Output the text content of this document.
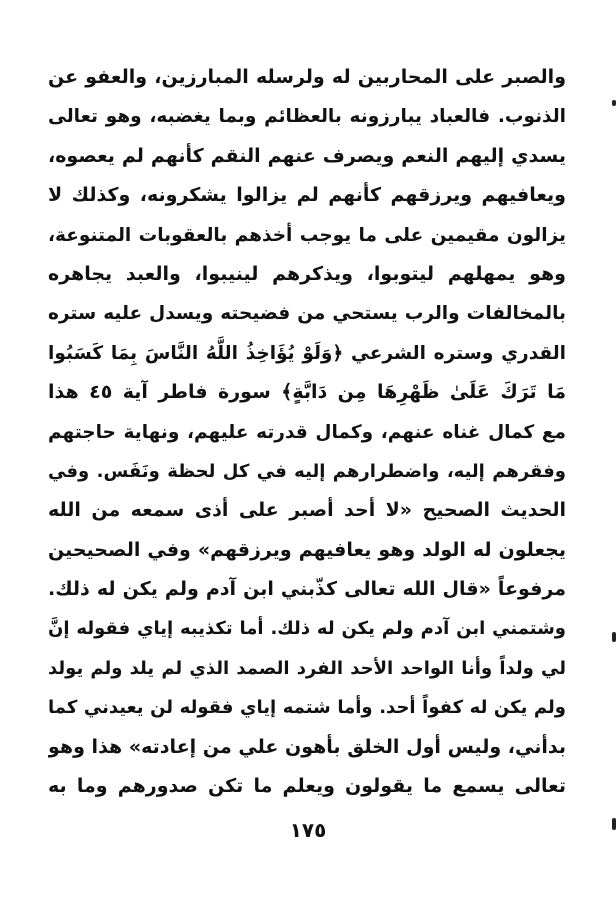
والصبر على المحاربين له ولرسله المبارزين، والعفو عن
الذنوب. فالعباد يبارزونه بالعظائم وبما يغضبه، وهو تعالى
يسدي إليهم النعم ويصرف عنهم النقم كأنهم لم يعصوه،
ويعافيهم ويرزقهم كأنهم لم يزالوا يشكرونه، وكذلك لا
يزالون مقيمين على ما يوجب أخذهم بالعقوبات المتنوعة،
وهو يمهلهم ليتوبوا، ويذكرهم لينيبوا، والعبد يجاهره
بالمخالفات والرب يستحي من فضيحته ويسدل عليه ستره
القدري وستره الشرعي ﴿وَلَوْ يُؤَاخِذُ اللَّهُ النَّاسَ بِمَا كَسَبُوا
مَا تَرَكَ عَلَىٰ ظَهْرِهَا مِن دَابَّةٍ﴾ سورة فاطر آية ٤٥ هذا
مع كمال غناه عنهم، وكمال قدرته عليهم، ونهاية حاجتهم
وفقرهم إليه، واضطرارهم إليه في كل لحظة ونَفَس. وفي
الحديث الصحيح «لا أحد أصبر على أذى سمعه من الله
يجعلون له الولد وهو يعافيهم ويرزقهم» وفي الصحيحين
مرفوعاً «قال الله تعالى كذّبني ابن آدم ولم يكن له ذلك.
وشتمني ابن آدم ولم يكن له ذلك. أما تكذيبه إياي فقوله إنَّ
لي ولداً وأنا الواحد الأحد الفرد الصمد الذي لم يلد ولم يولد
ولم يكن له كفواً أحد. وأما شتمه إياي فقوله لن يعيدني كما
بدأني، وليس أول الخلق بأهون علي من إعادته» هذا وهو
تعالى يسمع ما يقولون ويعلم ما تكن صدورهم وما به
١٧٥
